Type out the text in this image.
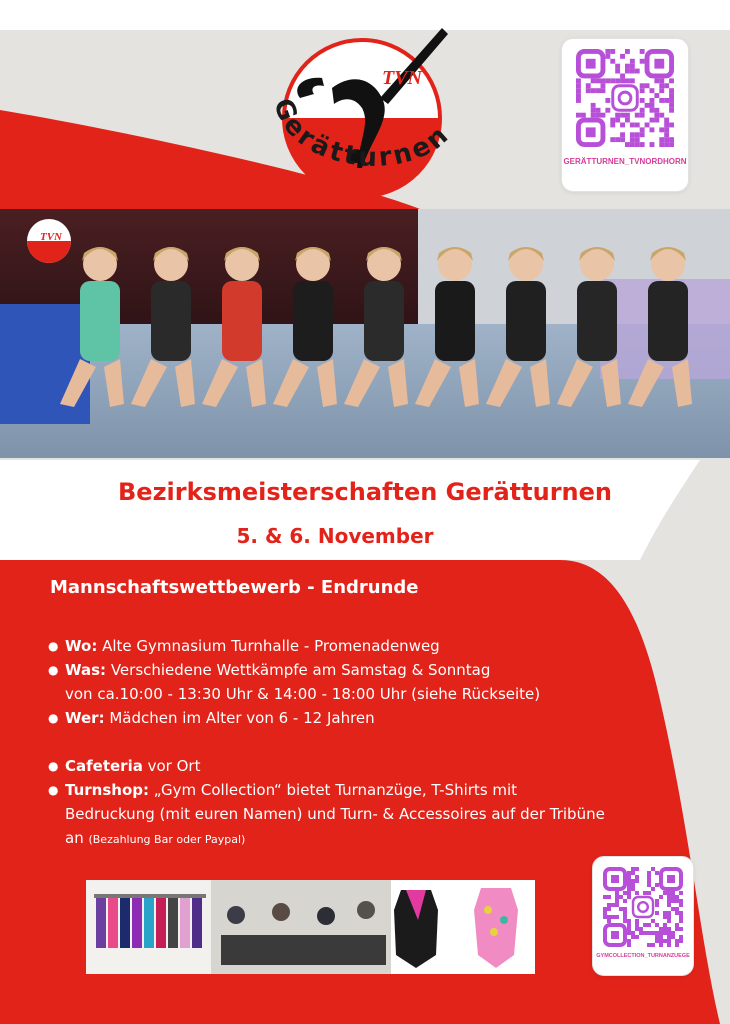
TVN
Gerätturnen
GERÄTTURNEN_TVNORDHORN
TVN
Bezirksmeisterschaften Gerätturnen
5. & 6. November
Mannschaftswettbewerb - Endrunde
● Wo: Alte Gymnasium Turnhalle - Promenadenweg
● Was: Verschiedene Wettkämpfe am Samstag & Sonntag
von ca.10:00 - 13:30 Uhr & 14:00 - 18:00 Uhr (siehe Rückseite)
● Wer: Mädchen im Alter von 6 - 12 Jahren
● Cafeteria vor Ort
● Turnshop: „Gym Collection“ bietet Turnanzüge, T-Shirts mit Bedruckung (mit euren Namen) und Turn- & Accessoires auf der Tribüne an (Bezahlung Bar oder Paypal)
GYMCOLLECTION_TURNANZUEGE
